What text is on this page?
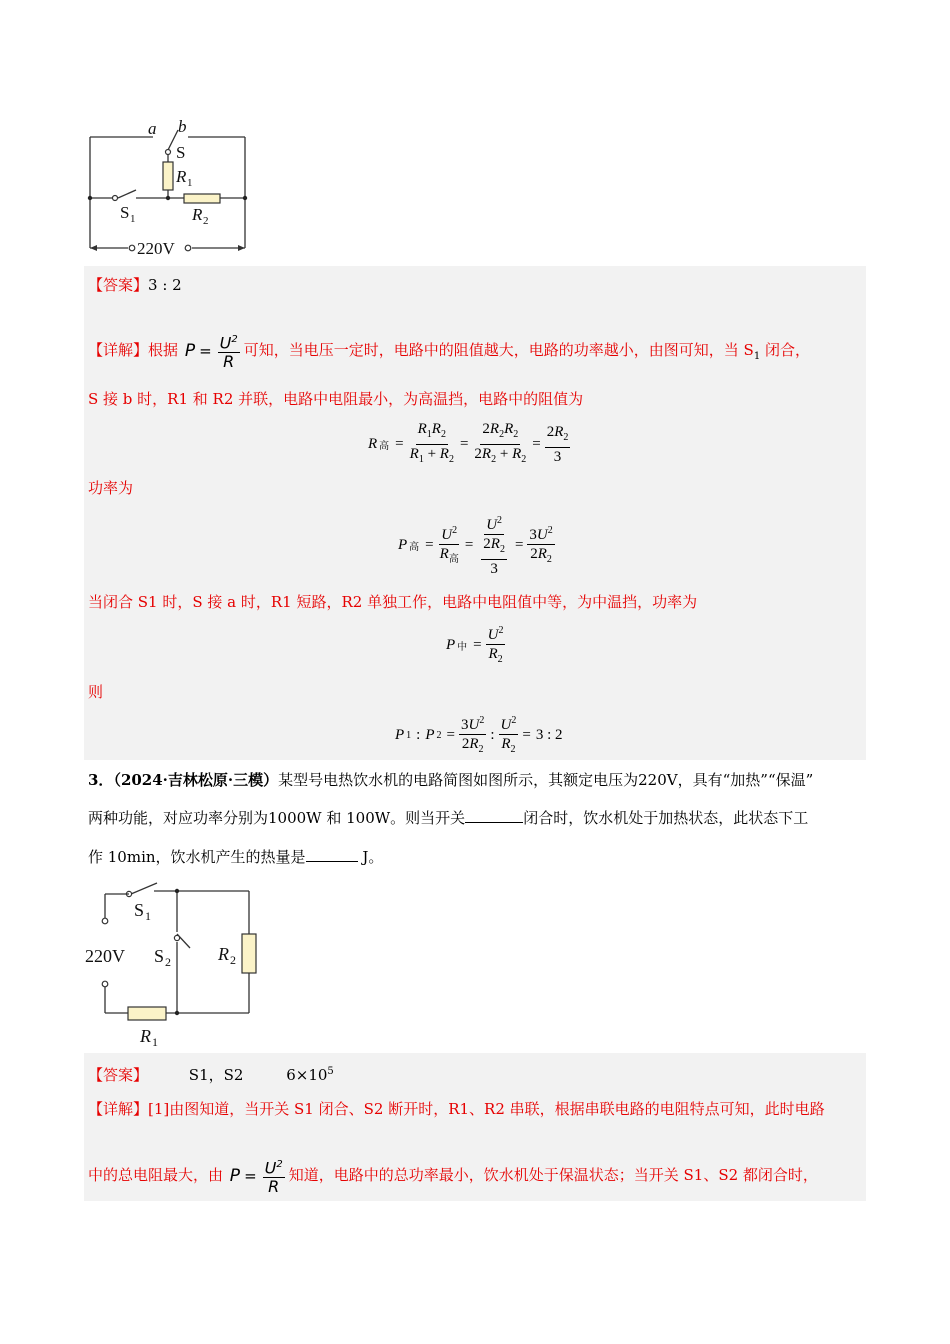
a b
S
R 1
S 1	R 2
220V
【答案】3 : 2
【详解】根据 $P = \frac{U^2}{R}$ 可知，当电压一定时，电路中的阻值越大，电路的功率越小，由图可知，当 $S_1$ 闭合，
S 接 b 时，R1 和 R2 并联，电路中电阻最小，为高温挡，电路中的阻值为
R 高 = $\frac{R_1R_2}{R_1 + R_2} = \frac{2R_2R_2}{2R_2 + R_2} = \frac{2R_2}{3}$
功率为
P 高 = $\frac{U^2}{R_高} = \frac{U^2}{\frac{2R_2}{3}} = \frac{3U^2}{2R_2}$
当闭合 S1 时，S 接 a 时，R1 短路，R2 单独工作，电路中电阻值中等，为中温挡，功率为
P 中 = $\frac{U^2}{R_2}$
则
P 1 : P $2 = \frac{3U^2}{2R_2}$ : $\frac{U^2}{R_2} = 3$ : 2
3．（2024·吉林松原·三模）某型号电热饮水机的电路简图如图所示，其额定电压为220V，具有“加热”“保温”
两种功能，对应功率分别为1000W 和 100W。则当开关	闭合时，饮水机处于加热状态，此状态下工
作 10min，饮水机产生的热量是	J。
S 1
220V S 2	R 2
R 1
【答案】	S1，S2	$6\times 10^5$
【详解】[1]由图知道，当开关 S1 闭合、S2 断开时，R1、R2 串联，根据串联电路的电阻特点可知，此时电路
中的总电阻最大，由 $P = \frac{U^2}{R}$ 知道，电路中的总功率最小，饮水机处于保温状态；当开关 S1、S2 都闭合时，
